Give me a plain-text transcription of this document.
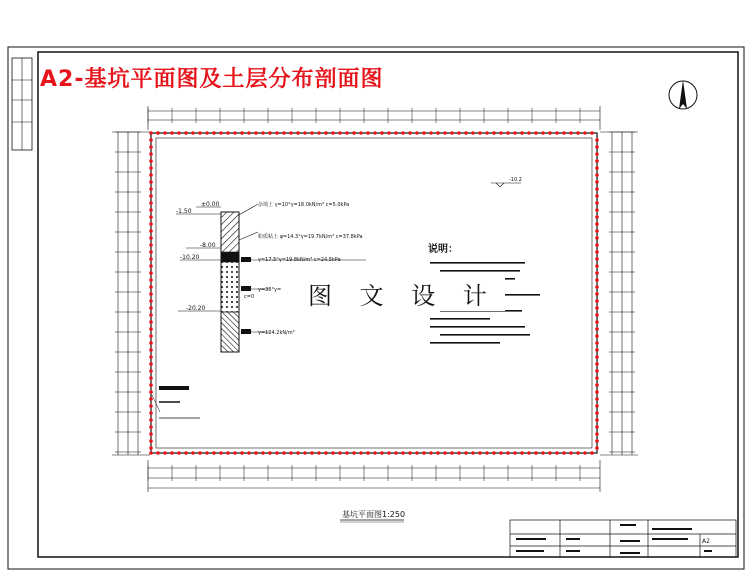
±0.00
-1.50
-8.00
-10.20
-20.20
杂填土 γ=10°γ=18.0kN/m³ c=5.0kPa
粉质粘土 φ=14.3°γ=19.7kN/m³ c=37.8kPa
γ=17.5°γ=19.8kN/m³ c=24.5kPa
γ=35°γ=
c=0
γ=124.2kN/m³
-10.2
说明：
基坑平面图1:250
A2
A2-基坑平面图及土层分布剖面图
图 文 设 计
